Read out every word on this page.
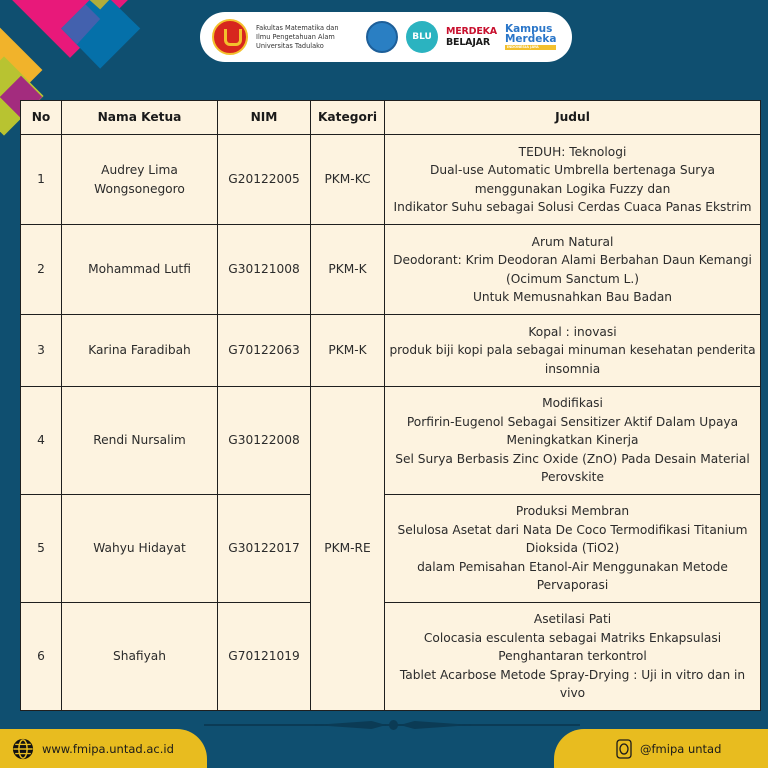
Fakultas Matematika dan
Ilmu Pengetahuan Alam
Universitas Tadulako
BLU MERDEKA
BELAJAR
Kampus
Merdeka
INDONESIA JAYA
No	Nama Ketua	NIM	Kategori	Judul
1	Audrey Lima Wongsonegoro	G20122005	PKM-KC	TEDUH: Teknologi
Dual-use Automatic Umbrella bertenaga Surya
menggunakan Logika Fuzzy dan
Indikator Suhu sebagai Solusi Cerdas Cuaca Panas Ekstrim

2	Mohammad Lutfi	G30121008	PKM-K	Arum Natural
Deodorant: Krim Deodoran Alami Berbahan Daun Kemangi
(Ocimum Sanctum L.)
Untuk Memusnahkan Bau Badan

3	Karina Faradibah	G70122063	PKM-K	Kopal : inovasi
produk biji kopi pala sebagai minuman kesehatan penderita
insomnia

4	Rendi Nursalim	G30122008	PKM-RE	Modifikasi
Porfirin-Eugenol Sebagai Sensitizer Aktif Dalam Upaya
Meningkatkan Kinerja
Sel Surya Berbasis Zinc Oxide (ZnO) Pada Desain Material
Perovskite

5	Wahyu Hidayat	G30122017		Produksi Membran
Selulosa Asetat dari Nata De Coco Termodifikasi Titanium
Dioksida (TiO2)
dalam Pemisahan Etanol-Air Menggunakan Metode
Pervaporasi

6	Shafiyah	G70121019		Asetilasi Pati
Colocasia esculenta sebagai Matriks Enkapsulasi
Penghantaran terkontrol
Tablet Acarbose Metode Spray-Drying : Uji in vitro dan in
vivo
www.fmipa.untad.ac.id	@fmipa untad
